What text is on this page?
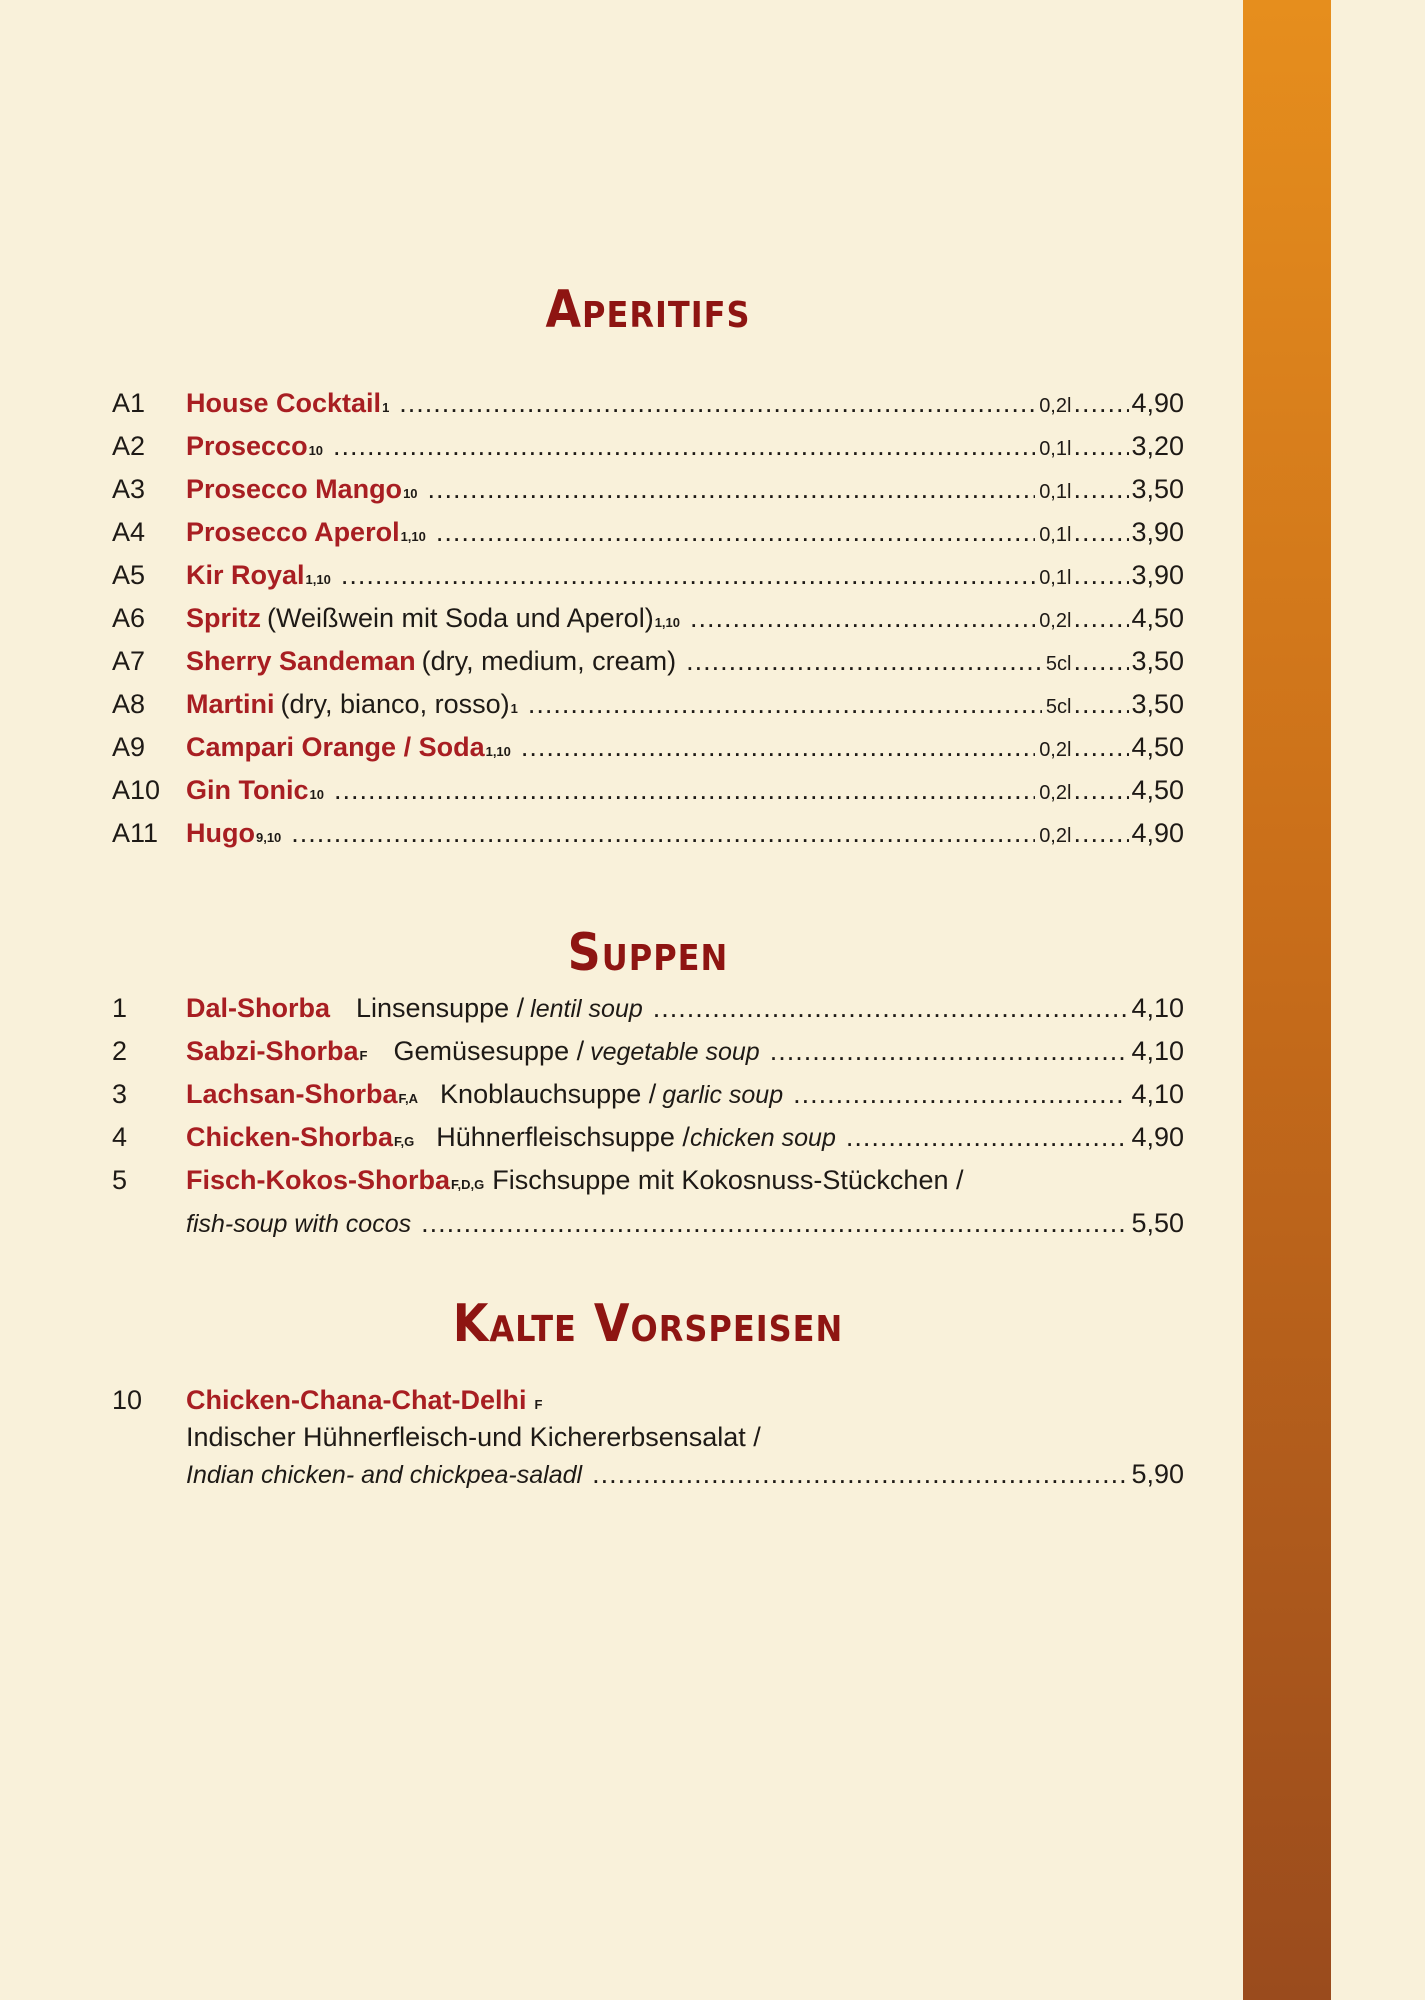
Aperitifs
A1	House Cocktail 1 .....	0,2l ..... 4,90
A2	Prosecco 10 .....	0,1l ..... 3,20
A3	Prosecco Mango 10 .....	0,1l ..... 3,50
A4	Prosecco Aperol 1,10 .....	0,1l ..... 3,90
A5	Kir Royal 1,10 .....	0,1l ..... 3,90
A6	Spritz (Weißwein mit Soda und Aperol) 1,10 .....	0,2l ..... 4,50
A7	Sherry Sandeman (dry, medium, cream) .....	5cl ..... 3,50
A8	Martini (dry, bianco, rosso) 1 .....	5cl ..... 3,50
A9	Campari Orange / Soda 1,10 .....	0,2l ..... 4,50
A10 Gin Tonic 10 .....	0,2l ..... 4,50
A11	Hugo 9,10 .....	0,2l ..... 4,90
Suppen
1	Dal-Shorba Linsensuppe / lentil soup .....	4,10
2	Sabzi-Shorba F Gemüsesuppe / vegetable soup .....	4,10
3	Lachsan-Shorba F,A Knoblauchsuppe / garlic soup .....	4,10
4	Chicken-Shorba F,G Hühnerfleischsuppe / chicken soup .....	4,90
5	Fisch-Kokos-Shorba F,D,G Fischsuppe mit Kokosnuss-Stückchen /
fish-soup with cocos .....	5,50
Kalte Vorspeisen
10	Chicken-Chana-Chat-Delhi F
Indischer Hühnerfleisch-und Kichererbsensalat /
Indian chicken- and chickpea-saladl .....	5,90
